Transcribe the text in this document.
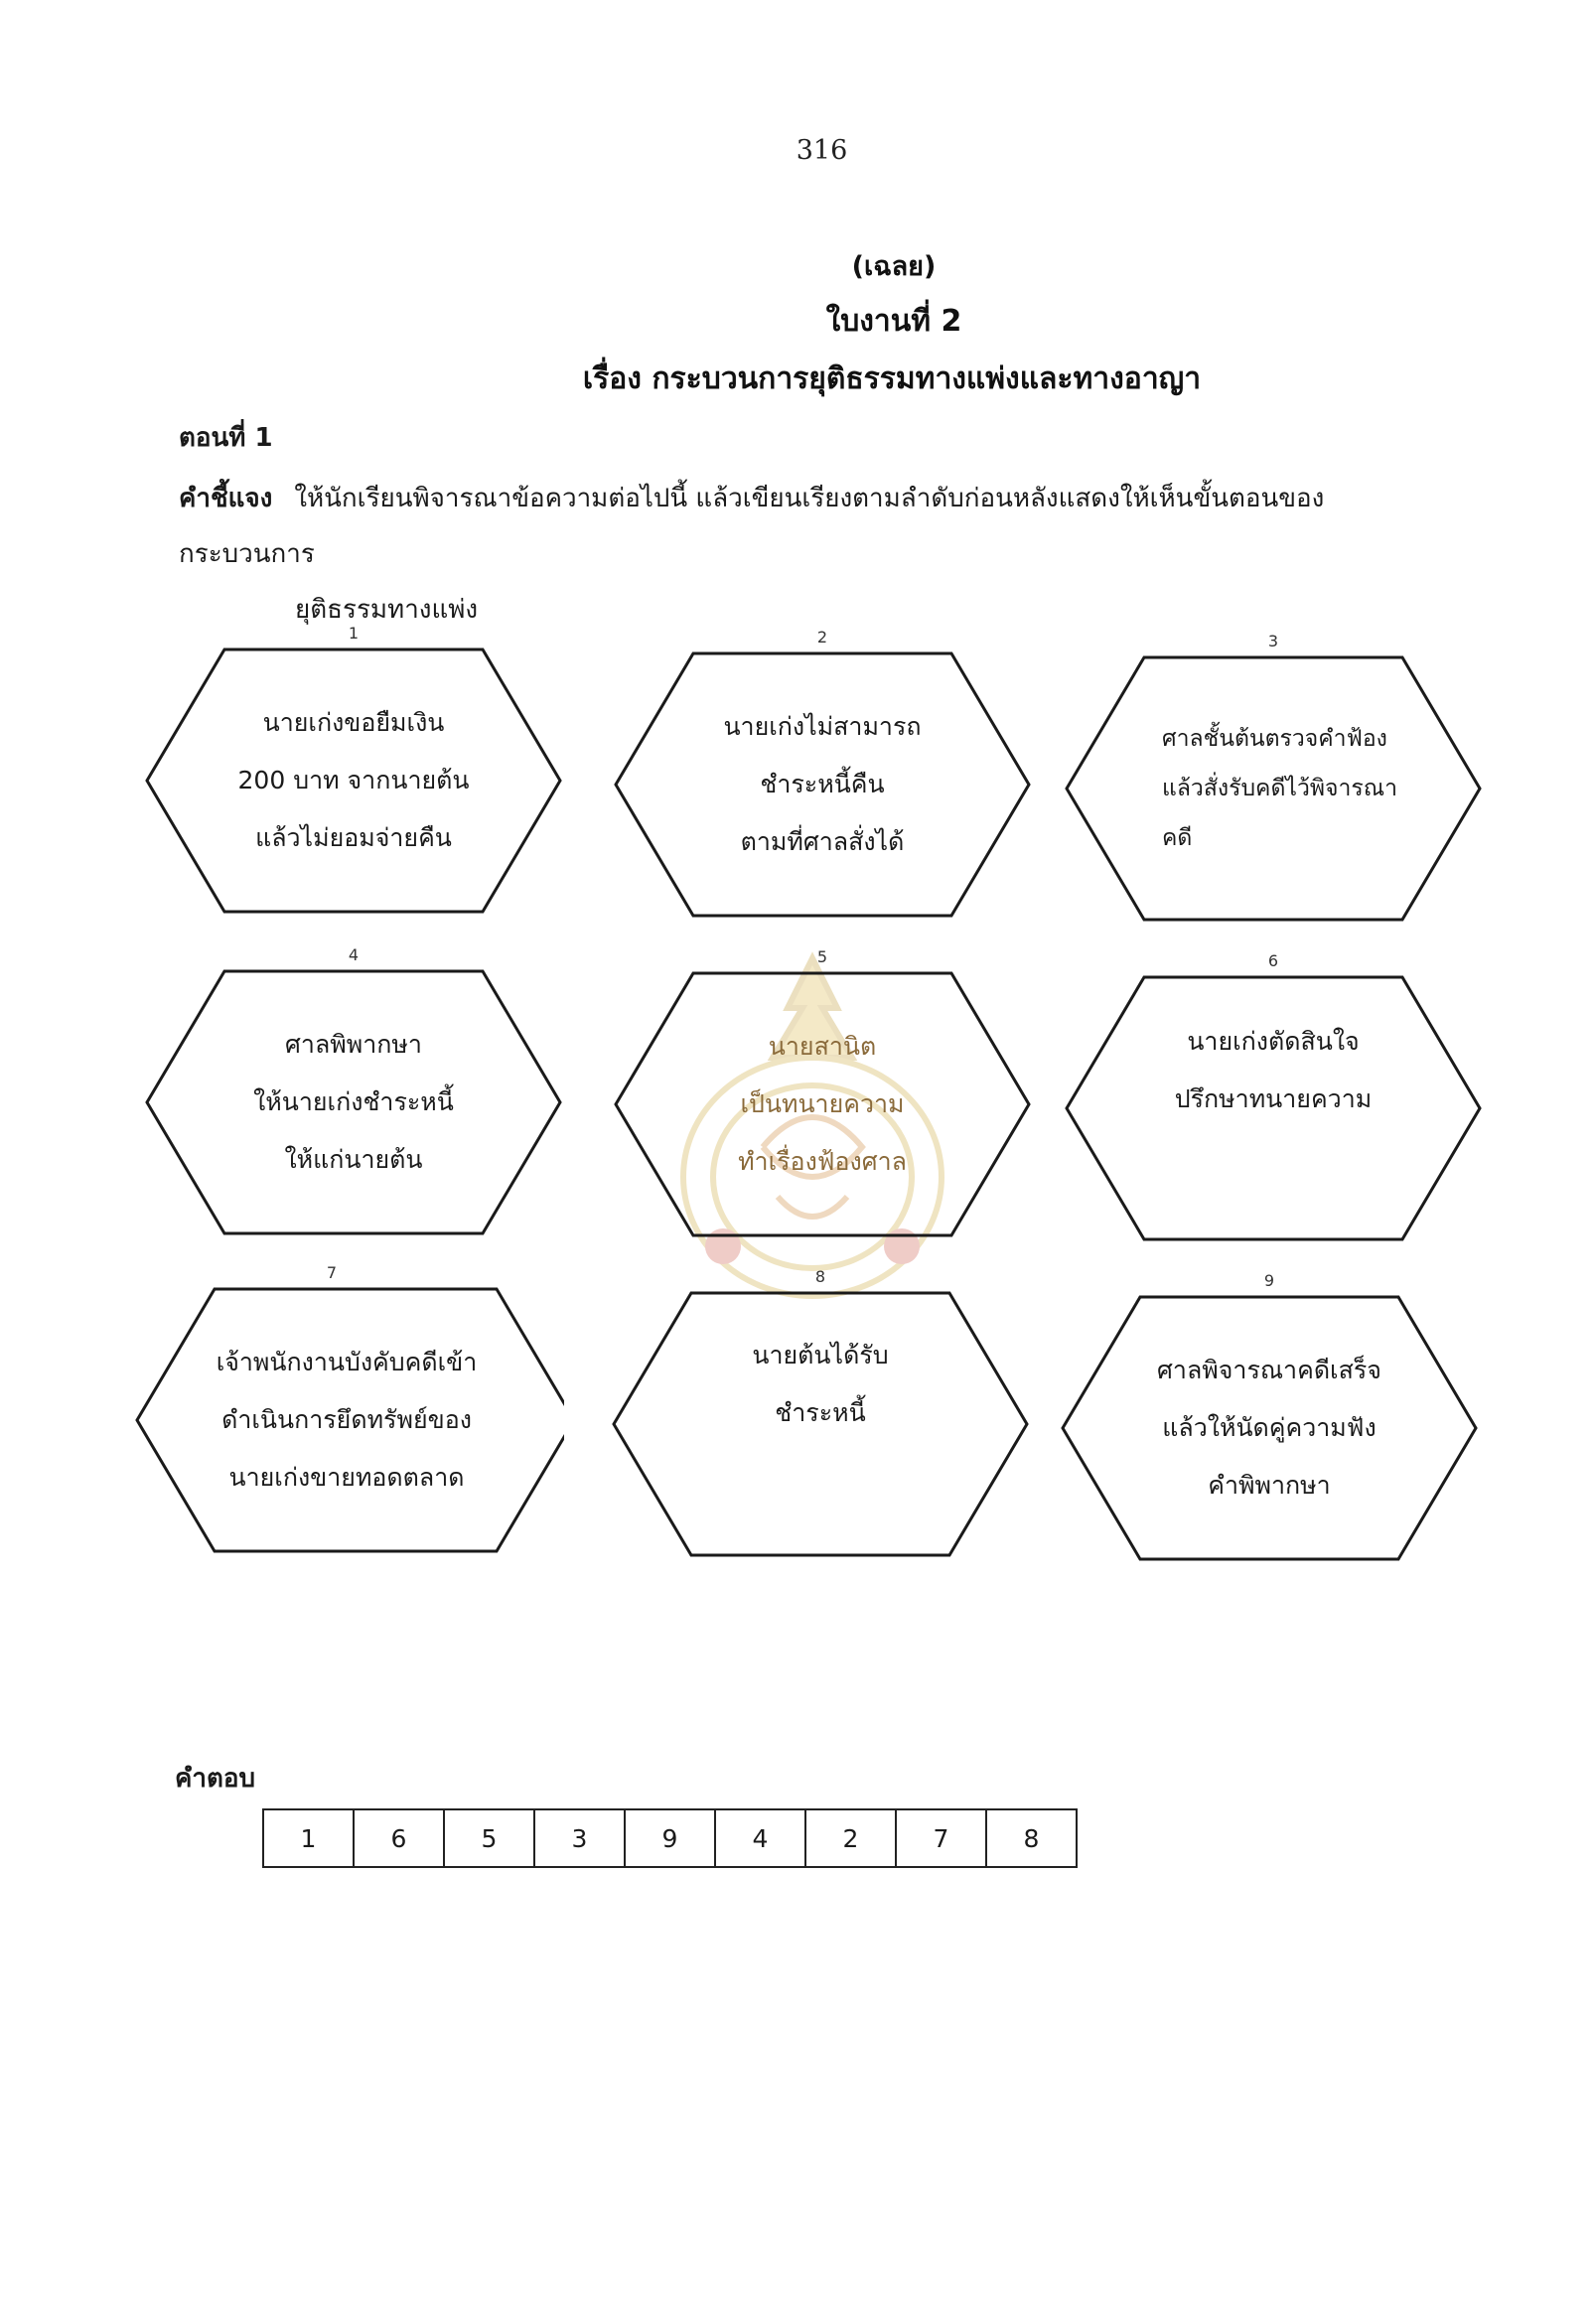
316
(เฉลย)
ใบงานที่ 2
เรื่อง กระบวนการยุติธรรมทางแพ่งและทางอาญา
ตอนที่ 1
คำชี้แจง ให้นักเรียนพิจารณาข้อความต่อไปนี้ แล้วเขียนเรียงตามลำดับก่อนหลังแสดงให้เห็นขั้นตอนของกระบวนการ
ยุติธรรมทางแพ่ง
1
นายเก่งขอยืมเงิน
200 บาท จากนายต้น
แล้วไม่ยอมจ่ายคืน
2
นายเก่งไม่สามารถ
ชำระหนี้คืน
ตามที่ศาลสั่งได้
3
ศาลชั้นต้นตรวจคำฟ้อง
แล้วสั่งรับคดีไว้พิจารณา
คดี
4
ศาลพิพากษา
ให้นายเก่งชำระหนี้
ให้แก่นายต้น
5
นายสานิต
เป็นทนายความ
ทำเรื่องฟ้องศาล
6
นายเก่งตัดสินใจ
ปรึกษาทนายความ
7
เจ้าพนักงานบังคับคดีเข้า
ดำเนินการยึดทรัพย์ของ
นายเก่งขายทอดตลาด
8
นายต้นได้รับ
ชำระหนี้
9
ศาลพิจารณาคดีเสร็จ
แล้วให้นัดคู่ความฟัง
คำพิพากษา
คำตอบ
1	6	5	3	9	4	2	7	8
